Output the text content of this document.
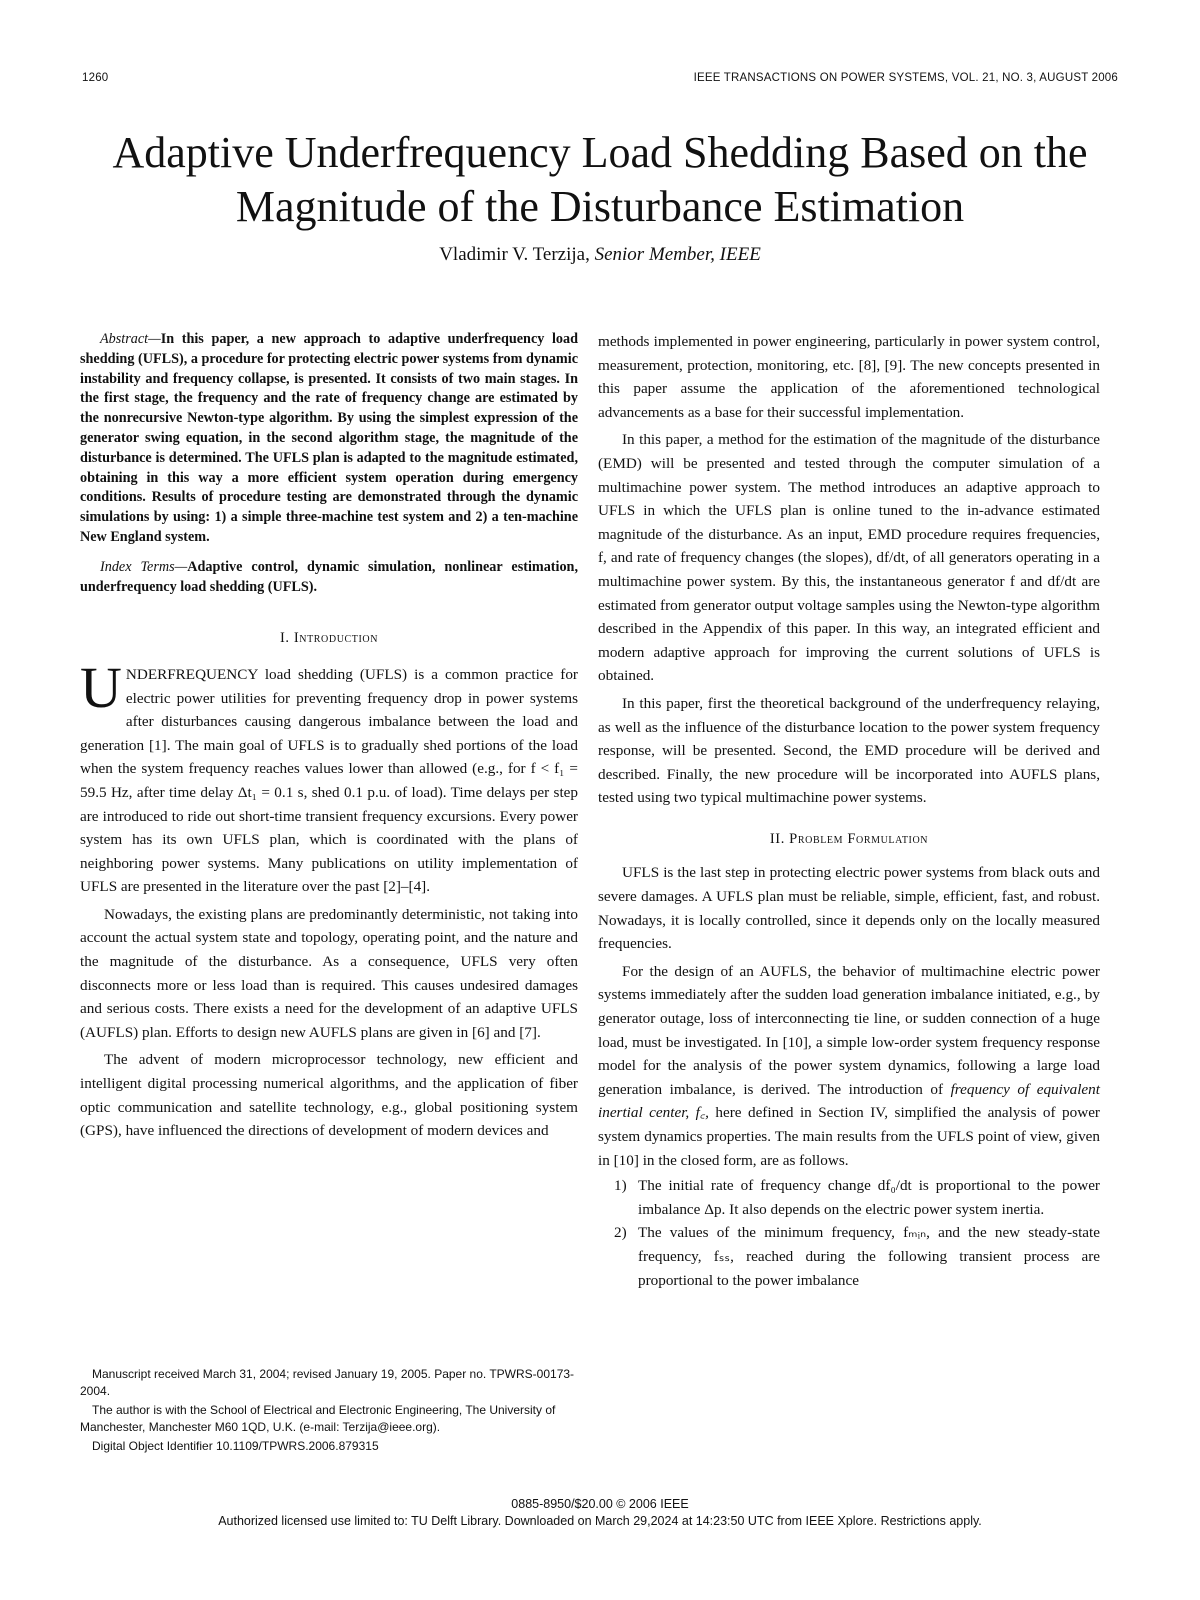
1260	IEEE TRANSACTIONS ON POWER SYSTEMS, VOL. 21, NO. 3, AUGUST 2006
Adaptive Underfrequency Load Shedding Based on the Magnitude of the Disturbance Estimation
Vladimir V. Terzija, Senior Member, IEEE

Abstract—In this paper, a new approach to adaptive underfrequency load shedding (UFLS), a procedure for protecting electric power systems from dynamic instability and frequency collapse, is presented. It consists of two main stages. In the first stage, the frequency and the rate of frequency change are estimated by the nonrecursive Newton-type algorithm. By using the simplest expression of the generator swing equation, in the second algorithm stage, the magnitude of the disturbance is determined. The UFLS plan is adapted to the magnitude estimated, obtaining in this way a more efficient system operation during emergency conditions. Results of procedure testing are demonstrated through the dynamic simulations by using: 1) a simple three-machine test system and 2) a ten-machine New England system.

Index Terms—Adaptive control, dynamic simulation, nonlinear estimation, underfrequency load shedding (UFLS).

I. Introduction

UNDERFREQUENCY load shedding (UFLS) is a common practice for electric power utilities for preventing frequency drop in power systems after disturbances causing dangerous imbalance between the load and generation [1]. The main goal of UFLS is to gradually shed portions of the load when the system frequency reaches values lower than allowed (e.g., for f < f₁ = 59.5 Hz, after time delay Δt₁ = 0.1 s, shed 0.1 p.u. of load). Time delays per step are introduced to ride out short-time transient frequency excursions. Every power system has its own UFLS plan, which is coordinated with the plans of neighboring power systems. Many publications on utility implementation of UFLS are presented in the literature over the past [2]–[4].

Nowadays, the existing plans are predominantly deterministic, not taking into account the actual system state and topology, operating point, and the nature and the magnitude of the disturbance. As a consequence, UFLS very often disconnects more or less load than is required. This causes undesired damages and serious costs. There exists a need for the development of an adaptive UFLS (AUFLS) plan. Efforts to design new AUFLS plans are given in [6] and [7].

The advent of modern microprocessor technology, new efficient and intelligent digital processing numerical algorithms, and the application of fiber optic communication and satellite technology, e.g., global positioning system (GPS), have influenced the directions of development of modern devices and

Manuscript received March 31, 2004; revised January 19, 2005. Paper no. TPWRS-00173-2004.

The author is with the School of Electrical and Electronic Engineering, The University of Manchester, Manchester M60 1QD, U.K. (e-mail: Terzija@ieee.org).

Digital Object Identifier 10.1109/TPWRS.2006.879315

methods implemented in power engineering, particularly in power system control, measurement, protection, monitoring, etc. [8], [9]. The new concepts presented in this paper assume the application of the aforementioned technological advancements as a base for their successful implementation.

In this paper, a method for the estimation of the magnitude of the disturbance (EMD) will be presented and tested through the computer simulation of a multimachine power system. The method introduces an adaptive approach to UFLS in which the UFLS plan is online tuned to the in-advance estimated magnitude of the disturbance. As an input, EMD procedure requires frequencies, f, and rate of frequency changes (the slopes), df/dt, of all generators operating in a multimachine power system. By this, the instantaneous generator f and df/dt are estimated from generator output voltage samples using the Newton-type algorithm described in the Appendix of this paper. In this way, an integrated efficient and modern adaptive approach for improving the current solutions of UFLS is obtained.

In this paper, first the theoretical background of the underfrequency relaying, as well as the influence of the disturbance location to the power system frequency response, will be presented. Second, the EMD procedure will be derived and described. Finally, the new procedure will be incorporated into AUFLS plans, tested using two typical multimachine power systems.

II. Problem Formulation

UFLS is the last step in protecting electric power systems from black outs and severe damages. A UFLS plan must be reliable, simple, efficient, fast, and robust. Nowadays, it is locally controlled, since it depends only on the locally measured frequencies.

For the design of an AUFLS, the behavior of multimachine electric power systems immediately after the sudden load generation imbalance initiated, e.g., by generator outage, loss of interconnecting tie line, or sudden connection of a huge load, must be investigated. In [10], a simple low-order system frequency response model for the analysis of the power system dynamics, following a large load generation imbalance, is derived. The introduction of frequency of equivalent inertial center, f꜀, here defined in Section IV, simplified the analysis of power system dynamics properties. The main results from the UFLS point of view, given in [10] in the closed form, are as follows.

1) The initial rate of frequency change df₀/dt is proportional to the power imbalance Δp. It also depends on the electric power system inertia.
2) The values of the minimum frequency, fₘᵢₙ, and the new steady-state frequency, fₛₛ, reached during the following transient process are proportional to the power imbalance
0885-8950/$20.00 © 2006 IEEE
Authorized licensed use limited to: TU Delft Library. Downloaded on March 29,2024 at 14:23:50 UTC from IEEE Xplore. Restrictions apply.
